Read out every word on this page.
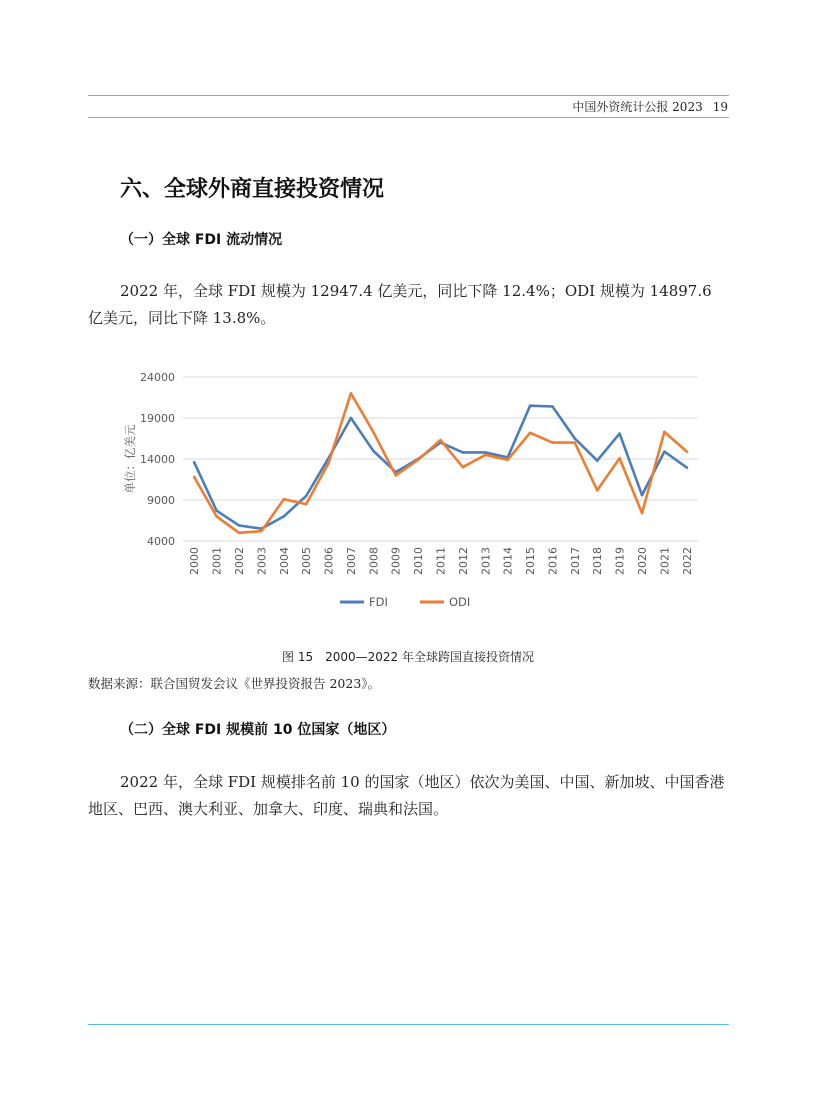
中国外资统计公报 2023 19
六、全球外商直接投资情况
（一）全球 FDI 流动情况

2022 年，全球 FDI 规模为 12947.4 亿美元，同比下降 12.4%；ODI 规模为 14897.6 亿美元，同比下降 13.8%。

4000
9000
14000
19000
24000
2000 2001 2002 2003 2004 2005 2006 2007 2008 2009 2010 2011 2012 2013 2014 2015 2016 2017 2018 2019 2020 2021 2022
单位：亿美元
FDI	ODI
图 15　2000—2022 年全球跨国直接投资情况
数据来源：联合国贸发会议《世界投资报告 2023》。
（二）全球 FDI 规模前 10 位国家（地区）

2022 年，全球 FDI 规模排名前 10 的国家（地区）依次为美国、中国、新加坡、中国香港地区、巴西、澳大利亚、加拿大、印度、瑞典和法国。
